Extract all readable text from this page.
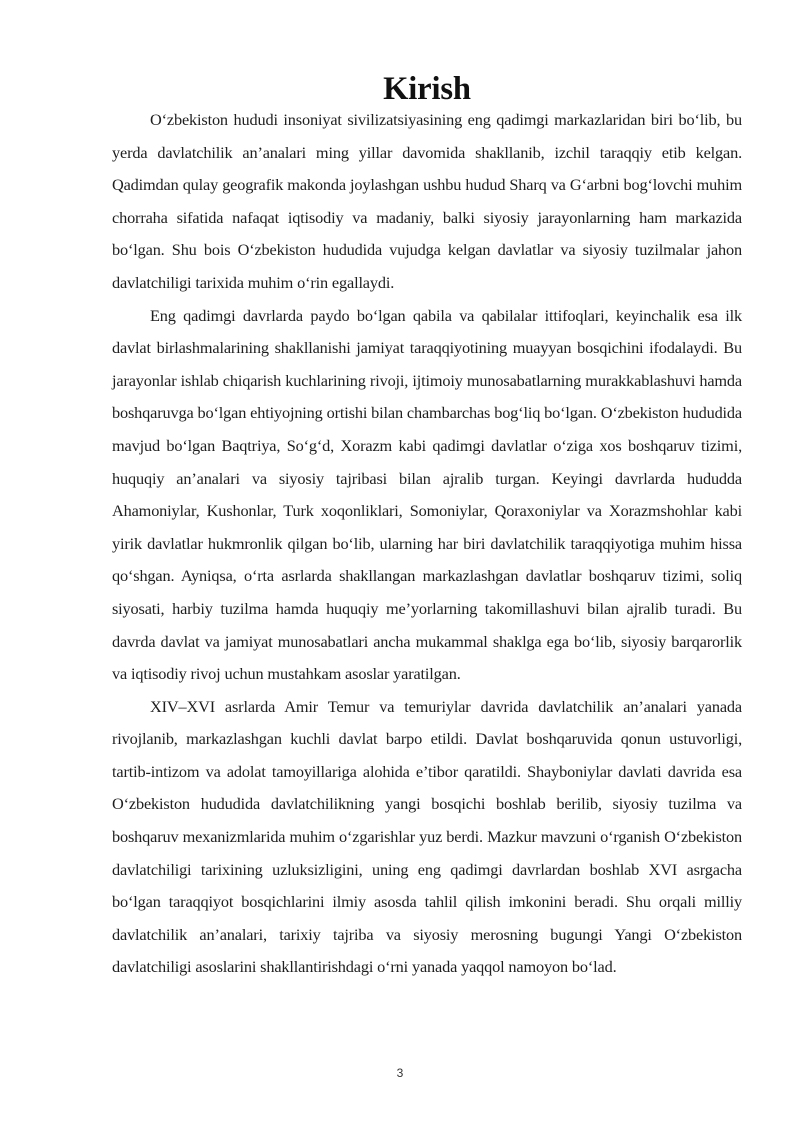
Kirish

O‘zbekiston hududi insoniyat sivilizatsiyasining eng qadimgi markazlaridan biri bo‘lib, bu yerda davlatchilik an’analari ming yillar davomida shakllanib, izchil taraqqiy etib kelgan. Qadimdan qulay geografik makonda joylashgan ushbu hudud Sharq va G‘arbni bog‘lovchi muhim chorraha sifatida nafaqat iqtisodiy va madaniy, balki siyosiy jarayonlarning ham markazida bo‘lgan. Shu bois O‘zbekiston hududida vujudga kelgan davlatlar va siyosiy tuzilmalar jahon davlatchiligi tarixida muhim o‘rin egallaydi.

Eng qadimgi davrlarda paydo bo‘lgan qabila va qabilalar ittifoqlari, keyinchalik esa ilk davlat birlashmalarining shakllanishi jamiyat taraqqiyotining muayyan bosqichini ifodalaydi. Bu jarayonlar ishlab chiqarish kuchlarining rivoji, ijtimoiy munosabatlarning murakkablashuvi hamda boshqaruvga bo‘lgan ehtiyojning ortishi bilan chambarchas bog‘liq bo‘lgan. O‘zbekiston hududida mavjud bo‘lgan Baqtriya, So‘g‘d, Xorazm kabi qadimgi davlatlar o‘ziga xos boshqaruv tizimi, huquqiy an’analari va siyosiy tajribasi bilan ajralib turgan. Keyingi davrlarda hududda Ahamoniylar, Kushonlar, Turk xoqonliklari, Somoniylar, Qoraxoniylar va Xorazmshohlar kabi yirik davlatlar hukmronlik qilgan bo‘lib, ularning har biri davlatchilik taraqqiyotiga muhim hissa qo‘shgan. Ayniqsa, o‘rta asrlarda shakllangan markazlashgan davlatlar boshqaruv tizimi, soliq siyosati, harbiy tuzilma hamda huquqiy me’yorlarning takomillashuvi bilan ajralib turadi. Bu davrda davlat va jamiyat munosabatlari ancha mukammal shaklga ega bo‘lib, siyosiy barqarorlik va iqtisodiy rivoj uchun mustahkam asoslar yaratilgan.

XIV–XVI asrlarda Amir Temur va temuriylar davrida davlatchilik an’analari yanada rivojlanib, markazlashgan kuchli davlat barpo etildi. Davlat boshqaruvida qonun ustuvorligi, tartib-intizom va adolat tamoyillariga alohida e’tibor qaratildi. Shayboniylar davlati davrida esa O‘zbekiston hududida davlatchilikning yangi bosqichi boshlab berilib, siyosiy tuzilma va boshqaruv mexanizmlarida muhim o‘zgarishlar yuz berdi. Mazkur mavzuni o‘rganish O‘zbekiston davlatchiligi tarixining uzluksizligini, uning eng qadimgi davrlardan boshlab XVI asrgacha bo‘lgan taraqqiyot bosqichlarini ilmiy asosda tahlil qilish imkonini beradi. Shu orqali milliy davlatchilik an’analari, tarixiy tajriba va siyosiy merosning bugungi Yangi O‘zbekiston davlatchiligi asoslarini shakllantirishdagi o‘rni yanada yaqqol namoyon bo‘lad.

3
